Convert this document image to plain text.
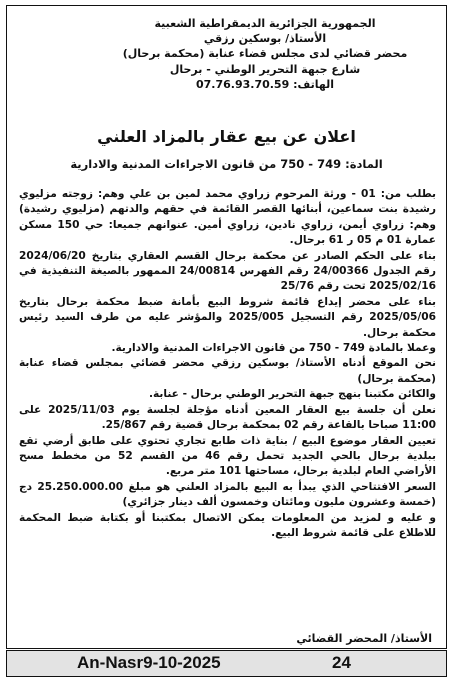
الجمهورية الجزائرية الديمقراطية الشعبية
الأستاذ/ بوسكين رزقي
محضر قضائي لدى مجلس قضاء عنابة (محكمة برحال)
شارع جبهة التحرير الوطني - برحال
الهاتف: 07.76.93.70.59
اعلان عن بيع عقار بالمزاد العلني
المادة: 749 - 750 من قانون الاجراءات المدنية والادارية

بطلب من: 01 - ورثة المرحوم زراوي محمد لمين بن علي وهم: زوجته مزليوي رشيدة بنت سماعين، أبنائها القصر القائمة في حقهم والدتهم (مزليوي رشيدة) وهم: زراوي أيمن، زراوي نادين، زراوي أمين. عنوانهم جميعا: حي 150 مسكن عمارة 01 م 05 ر 61 برحال.

بناء على الحكم الصادر عن محكمة برحال القسم العقاري بتاريخ 2024/06/20 رقم الجدول 24/00366 رقم الفهرس 24/00814 الممهور بالصيغة التنفيذية في 2025/02/16 تحت رقم 25/76

بناء على محضر إيداع قائمة شروط البيع بأمانة ضبط محكمة برحال بتاريخ 2025/05/06 رقم التسجيل 2025/005 والمؤشر عليه من طرف السيد رئيس محكمة برحال.

وعملا بالمادة 749 - 750 من قانون الاجراءات المدنية والادارية.

نحن الموقع أدناه الأستاذ/ بوسكين رزقي محضر قضائي بمجلس قضاء عنابة (محكمة برحال)

والكائن مكتبنا بنهج جبهة التحرير الوطني برحال - عنابة.

نعلن أن جلسة بيع العقار المعين أدناه مؤجلة لجلسة يوم 2025/11/03 على 11:00 صباحا بالقاعة رقم 02 بمحكمة برحال قضية رقم 25/867.

تعيين العقار موضوع البيع / بناية ذات طابع تجاري تحتوي على طابق أرضي تقع ببلدية برحال بالحي الجديد تحمل رقم 46 من القسم 52 من مخطط مسح الأراضي العام لبلدية برحال، مساحتها 101 متر مربع.

السعر الافتتاحي الذي يبدأ به البيع بالمزاد العلني هو مبلغ 25.250.000.00 دج (خمسة وعشرون مليون ومائتان وخمسون ألف دينار جزائري)

و عليه و لمزيد من المعلومات يمكن الاتصال بمكتبنا أو بكتابة ضبط المحكمة للاطلاع على قائمة شروط البيع.

الأستاذ/ المحضر القضائي
An-Nasr9-10-2025	24
